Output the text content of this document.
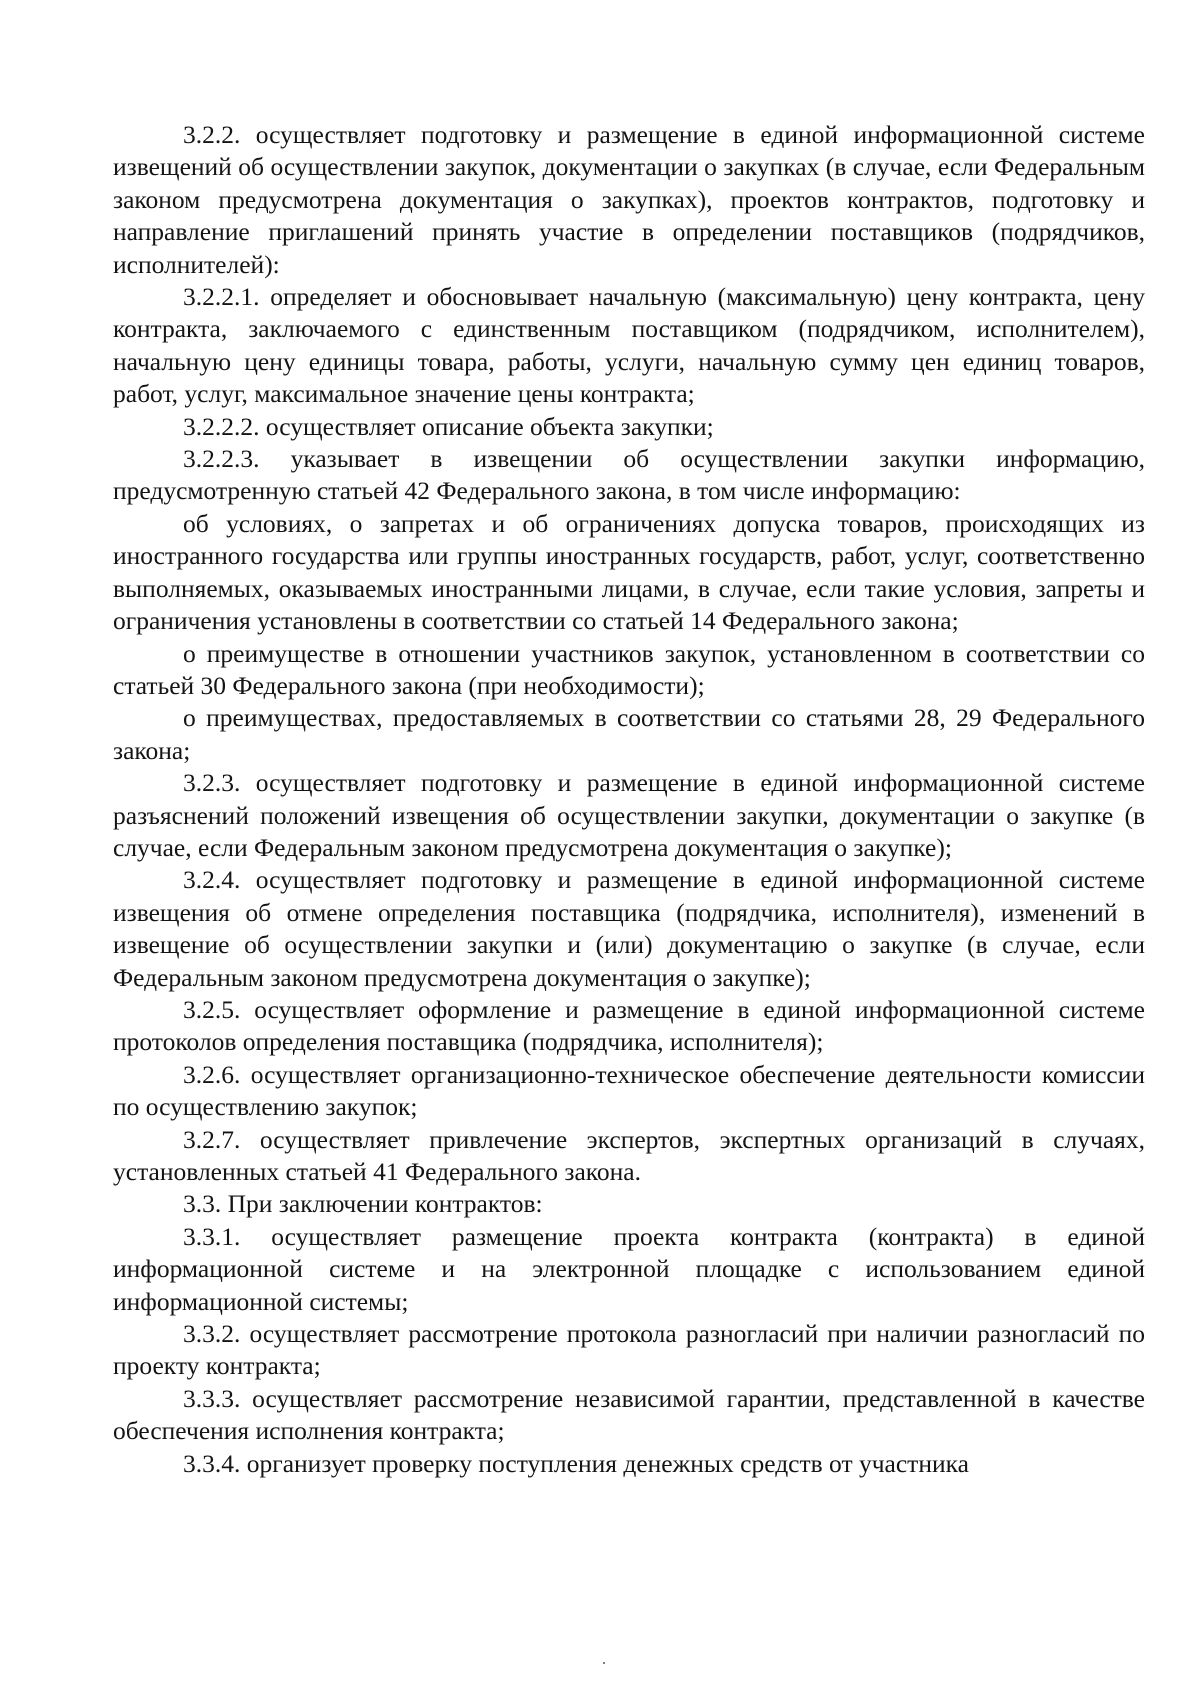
3.2.2. осуществляет подготовку и размещение в единой информационной системе извещений об осуществлении закупок, документации о закупках (в случае, если Федеральным законом предусмотрена документация о закупках), проектов контрактов, подготовку и направление приглашений принять участие в определении поставщиков (подрядчиков, исполнителей):

3.2.2.1. определяет и обосновывает начальную (максимальную) цену контракта, цену контракта, заключаемого с единственным поставщиком (подрядчиком, исполнителем), начальную цену единицы товара, работы, услуги, начальную сумму цен единиц товаров, работ, услуг, максимальное значение цены контракта;

3.2.2.2. осуществляет описание объекта закупки;

3.2.2.3. указывает в извещении об осуществлении закупки информацию, предусмотренную статьей 42 Федерального закона, в том числе информацию:

об условиях, о запретах и об ограничениях допуска товаров, происходящих из иностранного государства или группы иностранных государств, работ, услуг, соответственно выполняемых, оказываемых иностранными лицами, в случае, если такие условия, запреты и ограничения установлены в соответствии со статьей 14 Федерального закона;

о преимуществе в отношении участников закупок, установленном в соответствии со статьей 30 Федерального закона (при необходимости);

о преимуществах, предоставляемых в соответствии со статьями 28, 29 Федерального закона;

3.2.3. осуществляет подготовку и размещение в единой информационной системе разъяснений положений извещения об осуществлении закупки, документации о закупке (в случае, если Федеральным законом предусмотрена документация о закупке);

3.2.4. осуществляет подготовку и размещение в единой информационной системе извещения об отмене определения поставщика (подрядчика, исполнителя), изменений в извещение об осуществлении закупки и (или) документацию о закупке (в случае, если Федеральным законом предусмотрена документация о закупке);

3.2.5. осуществляет оформление и размещение в единой информационной системе протоколов определения поставщика (подрядчика, исполнителя);

3.2.6. осуществляет организационно-техническое обеспечение деятельности комиссии по осуществлению закупок;

3.2.7. осуществляет привлечение экспертов, экспертных организаций в случаях, установленных статьей 41 Федерального закона.

3.3. При заключении контрактов:

3.3.1. осуществляет размещение проекта контракта (контракта) в единой информационной системе и на электронной площадке с использованием единой информационной системы;

3.3.2. осуществляет рассмотрение протокола разногласий при наличии разногласий по проекту контракта;

3.3.3. осуществляет рассмотрение независимой гарантии, представленной в качестве обеспечения исполнения контракта;

3.3.4. организует проверку поступления денежных средств от участника
